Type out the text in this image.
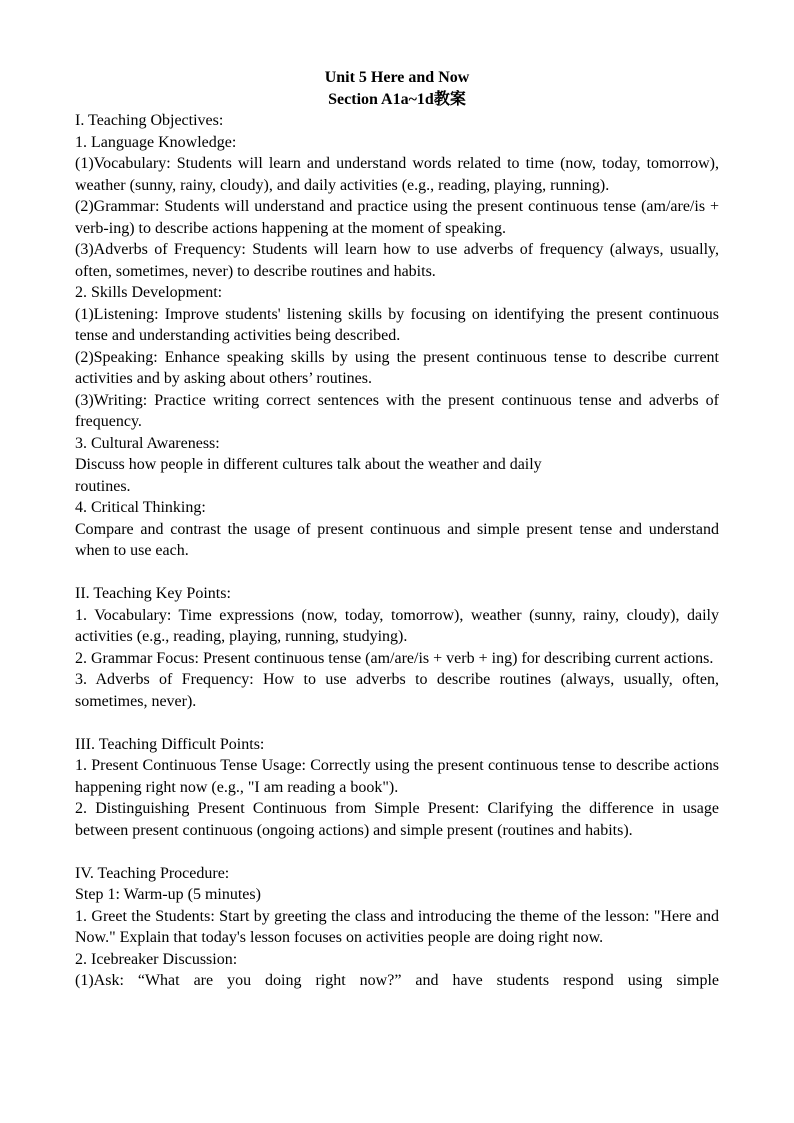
Unit 5 Here and Now
Section A1a~1d教案

I. Teaching Objectives:

1. Language Knowledge:

(1)Vocabulary: Students will learn and understand words related to time (now, today, tomorrow), weather (sunny, rainy, cloudy), and daily activities (e.g., reading, playing, running).

(2)Grammar: Students will understand and practice using the present continuous tense (am/are/is + verb-ing) to describe actions happening at the moment of speaking.

(3)Adverbs of Frequency: Students will learn how to use adverbs of frequency (always, usually, often, sometimes, never) to describe routines and habits.

2. Skills Development:

(1)Listening: Improve students' listening skills by focusing on identifying the present continuous tense and understanding activities being described.

(2)Speaking: Enhance speaking skills by using the present continuous tense to describe current activities and by asking about others’ routines.

(3)Writing: Practice writing correct sentences with the present continuous tense and adverbs of frequency.

3. Cultural Awareness:

Discuss how people in different cultures talk about the weather and daily

routines.

4. Critical Thinking:

Compare and contrast the usage of present continuous and simple present tense and understand when to use each.

II. Teaching Key Points:

1. Vocabulary: Time expressions (now, today, tomorrow), weather (sunny, rainy, cloudy), daily activities (e.g., reading, playing, running, studying).

2. Grammar Focus: Present continuous tense (am/are/is + verb + ing) for describing current actions.

3. Adverbs of Frequency: How to use adverbs to describe routines (always, usually, often, sometimes, never).

III. Teaching Difficult Points:

1. Present Continuous Tense Usage: Correctly using the present continuous tense to describe actions happening right now (e.g., "I am reading a book").

2. Distinguishing Present Continuous from Simple Present: Clarifying the difference in usage between present continuous (ongoing actions) and simple present (routines and habits).

IV. Teaching Procedure:

Step 1: Warm-up (5 minutes)

1. Greet the Students: Start by greeting the class and introducing the theme of the lesson: "Here and Now." Explain that today's lesson focuses on activities people are doing right now.

2. Icebreaker Discussion:

(1)Ask: “What are you doing right now?” and have students respond using simple
